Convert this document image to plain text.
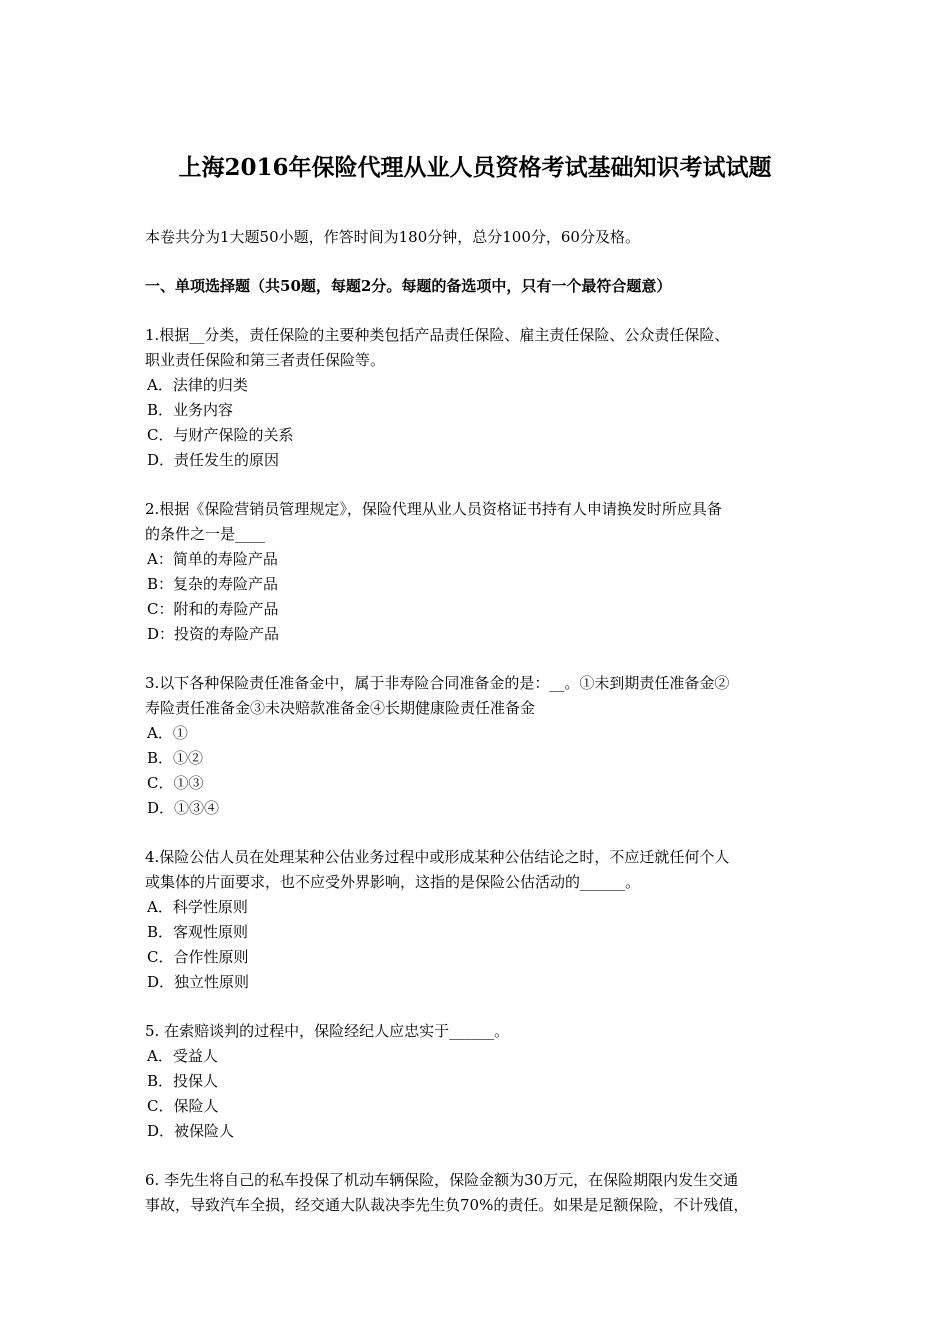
上海2016年保险代理从业人员资格考试基础知识考试试题
本卷共分为1大题50小题，作答时间为180分钟，总分100分，60分及格。
一、单项选择题（共50题，每题2分。每题的备选项中，只有一个最符合题意）
1.根据__分类，责任保险的主要种类包括产品责任保险、雇主责任保险、公众责任保险、
职业责任保险和第三者责任保险等。
A．法律的归类
B．业务内容
C．与财产保险的关系
D．责任发生的原因
2.根据《保险营销员管理规定》，保险代理从业人员资格证书持有人申请换发时所应具备
的条件之一是____
A：简单的寿险产品
B：复杂的寿险产品
C：附和的寿险产品
D：投资的寿险产品
3.以下各种保险责任准备金中，属于非寿险合同准备金的是：__。①未到期责任准备金②
寿险责任准备金③未决赔款准备金④长期健康险责任准备金
A．①
B．①②
C．①③
D．①③④
4.保险公估人员在处理某种公估业务过程中或形成某种公估结论之时，不应迁就任何个人
或集体的片面要求，也不应受外界影响，这指的是保险公估活动的______。
A．科学性原则
B．客观性原则
C．合作性原则
D．独立性原则
5. 在索赔谈判的过程中，保险经纪人应忠实于______。
A．受益人
B．投保人
C．保险人
D．被保险人
6. 李先生将自己的私车投保了机动车辆保险，保险金额为30万元，在保险期限内发生交通
事故，导致汽车全损，经交通大队裁决李先生负70%的责任。如果是足额保险，不计残值，
